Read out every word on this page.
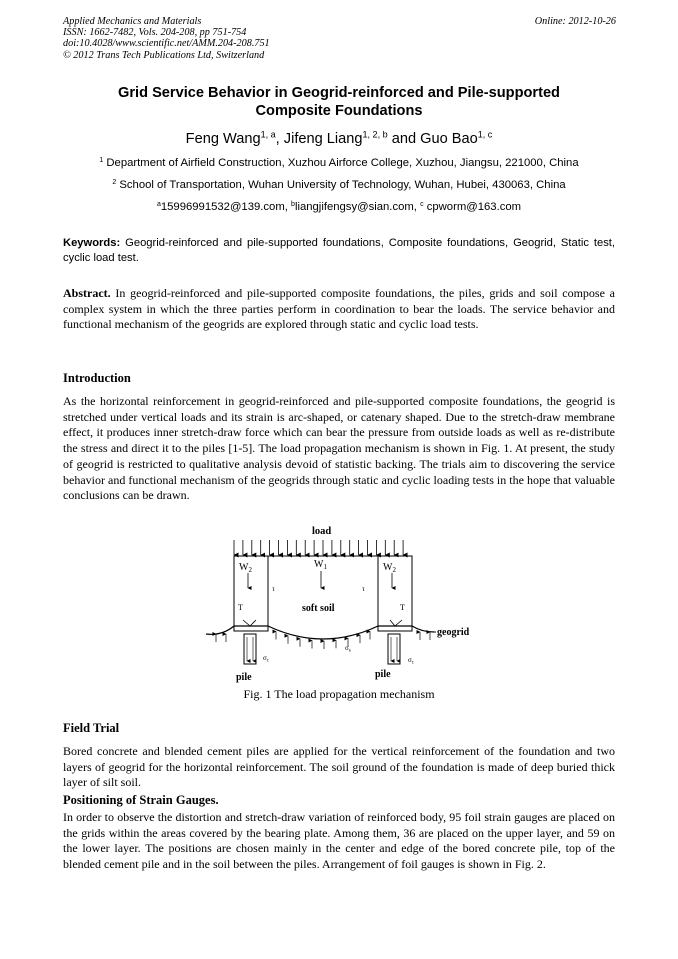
Applied Mechanics and Materials
ISSN: 1662-7482, Vols. 204-208, pp 751-754
doi:10.4028/www.scientific.net/AMM.204-208.751
© 2012 Trans Tech Publications Ltd, Switzerland
Online: 2012-10-26
Grid Service Behavior in Geogrid-reinforced and Pile-supported
Composite Foundations
Feng Wang$^{1, a}$, Jifeng Liang$^{1, 2, b}$ and Guo Bao$^{1, c}$
$^1$ Department of Airfield Construction, Xuzhou Airforce College, Xuzhou, Jiangsu, 221000, China
$^2$ School of Transportation, Wuhan University of Technology, Wuhan, Hubei, 430063, China
$^a$15996991532@139.com, $^b$liangjifengsy@sian.com, $^c$ cpworm@163.com
Keywords: Geogrid-reinforced and pile-supported foundations, Composite foundations, Geogrid, Static test, cyclic load test.
Abstract. In geogrid-reinforced and pile-supported composite foundations, the piles, grids and soil compose a complex system in which the three parties perform in coordination to bear the loads. The service behavior and functional mechanism of the geogrids are explored through static and cyclic load tests.
Introduction
As the horizontal reinforcement in geogrid-reinforced and pile-supported composite foundations, the geogrid is stretched under vertical loads and its strain is arc-shaped, or catenary shaped. Due to the stretch-draw membrane effect, it produces inner stretch-draw force which can bear the pressure from outside loads as well as re-distribute the stress and direct it to the piles [1-5]. The load propagation mechanism is shown in Fig. 1. At present, the study of geogrid is restricted to qualitative analysis devoid of statistic backing. The trials aim to discovering the service behavior and functional mechanism of the geogrids through static and cyclic loading tests in the hope that valuable conclusions can be drawn.
load
$W_2$	$W_2$
$W_1$
τ	τ
T	T
soft soil
geogrid
$\sigma_c$	$\sigma_c$
$\sigma_s$
pile	pile
Fig. 1 The load propagation mechanism
Field Trial
Bored concrete and blended cement piles are applied for the vertical reinforcement of the foundation and two layers of geogrid for the horizontal reinforcement. The soil ground of the foundation is made of deep buried thick layer of silt soil.
Positioning of Strain Gauges.
In order to observe the distortion and stretch-draw variation of reinforced body, 95 foil strain gauges are placed on the grids within the areas covered by the bearing plate. Among them, 36 are placed on the upper layer, and 59 on the lower layer. The positions are chosen mainly in the center and edge of the bored concrete pile, top of the blended cement pile and in the soil between the piles. Arrangement of foil gauges is shown in Fig. 2.
